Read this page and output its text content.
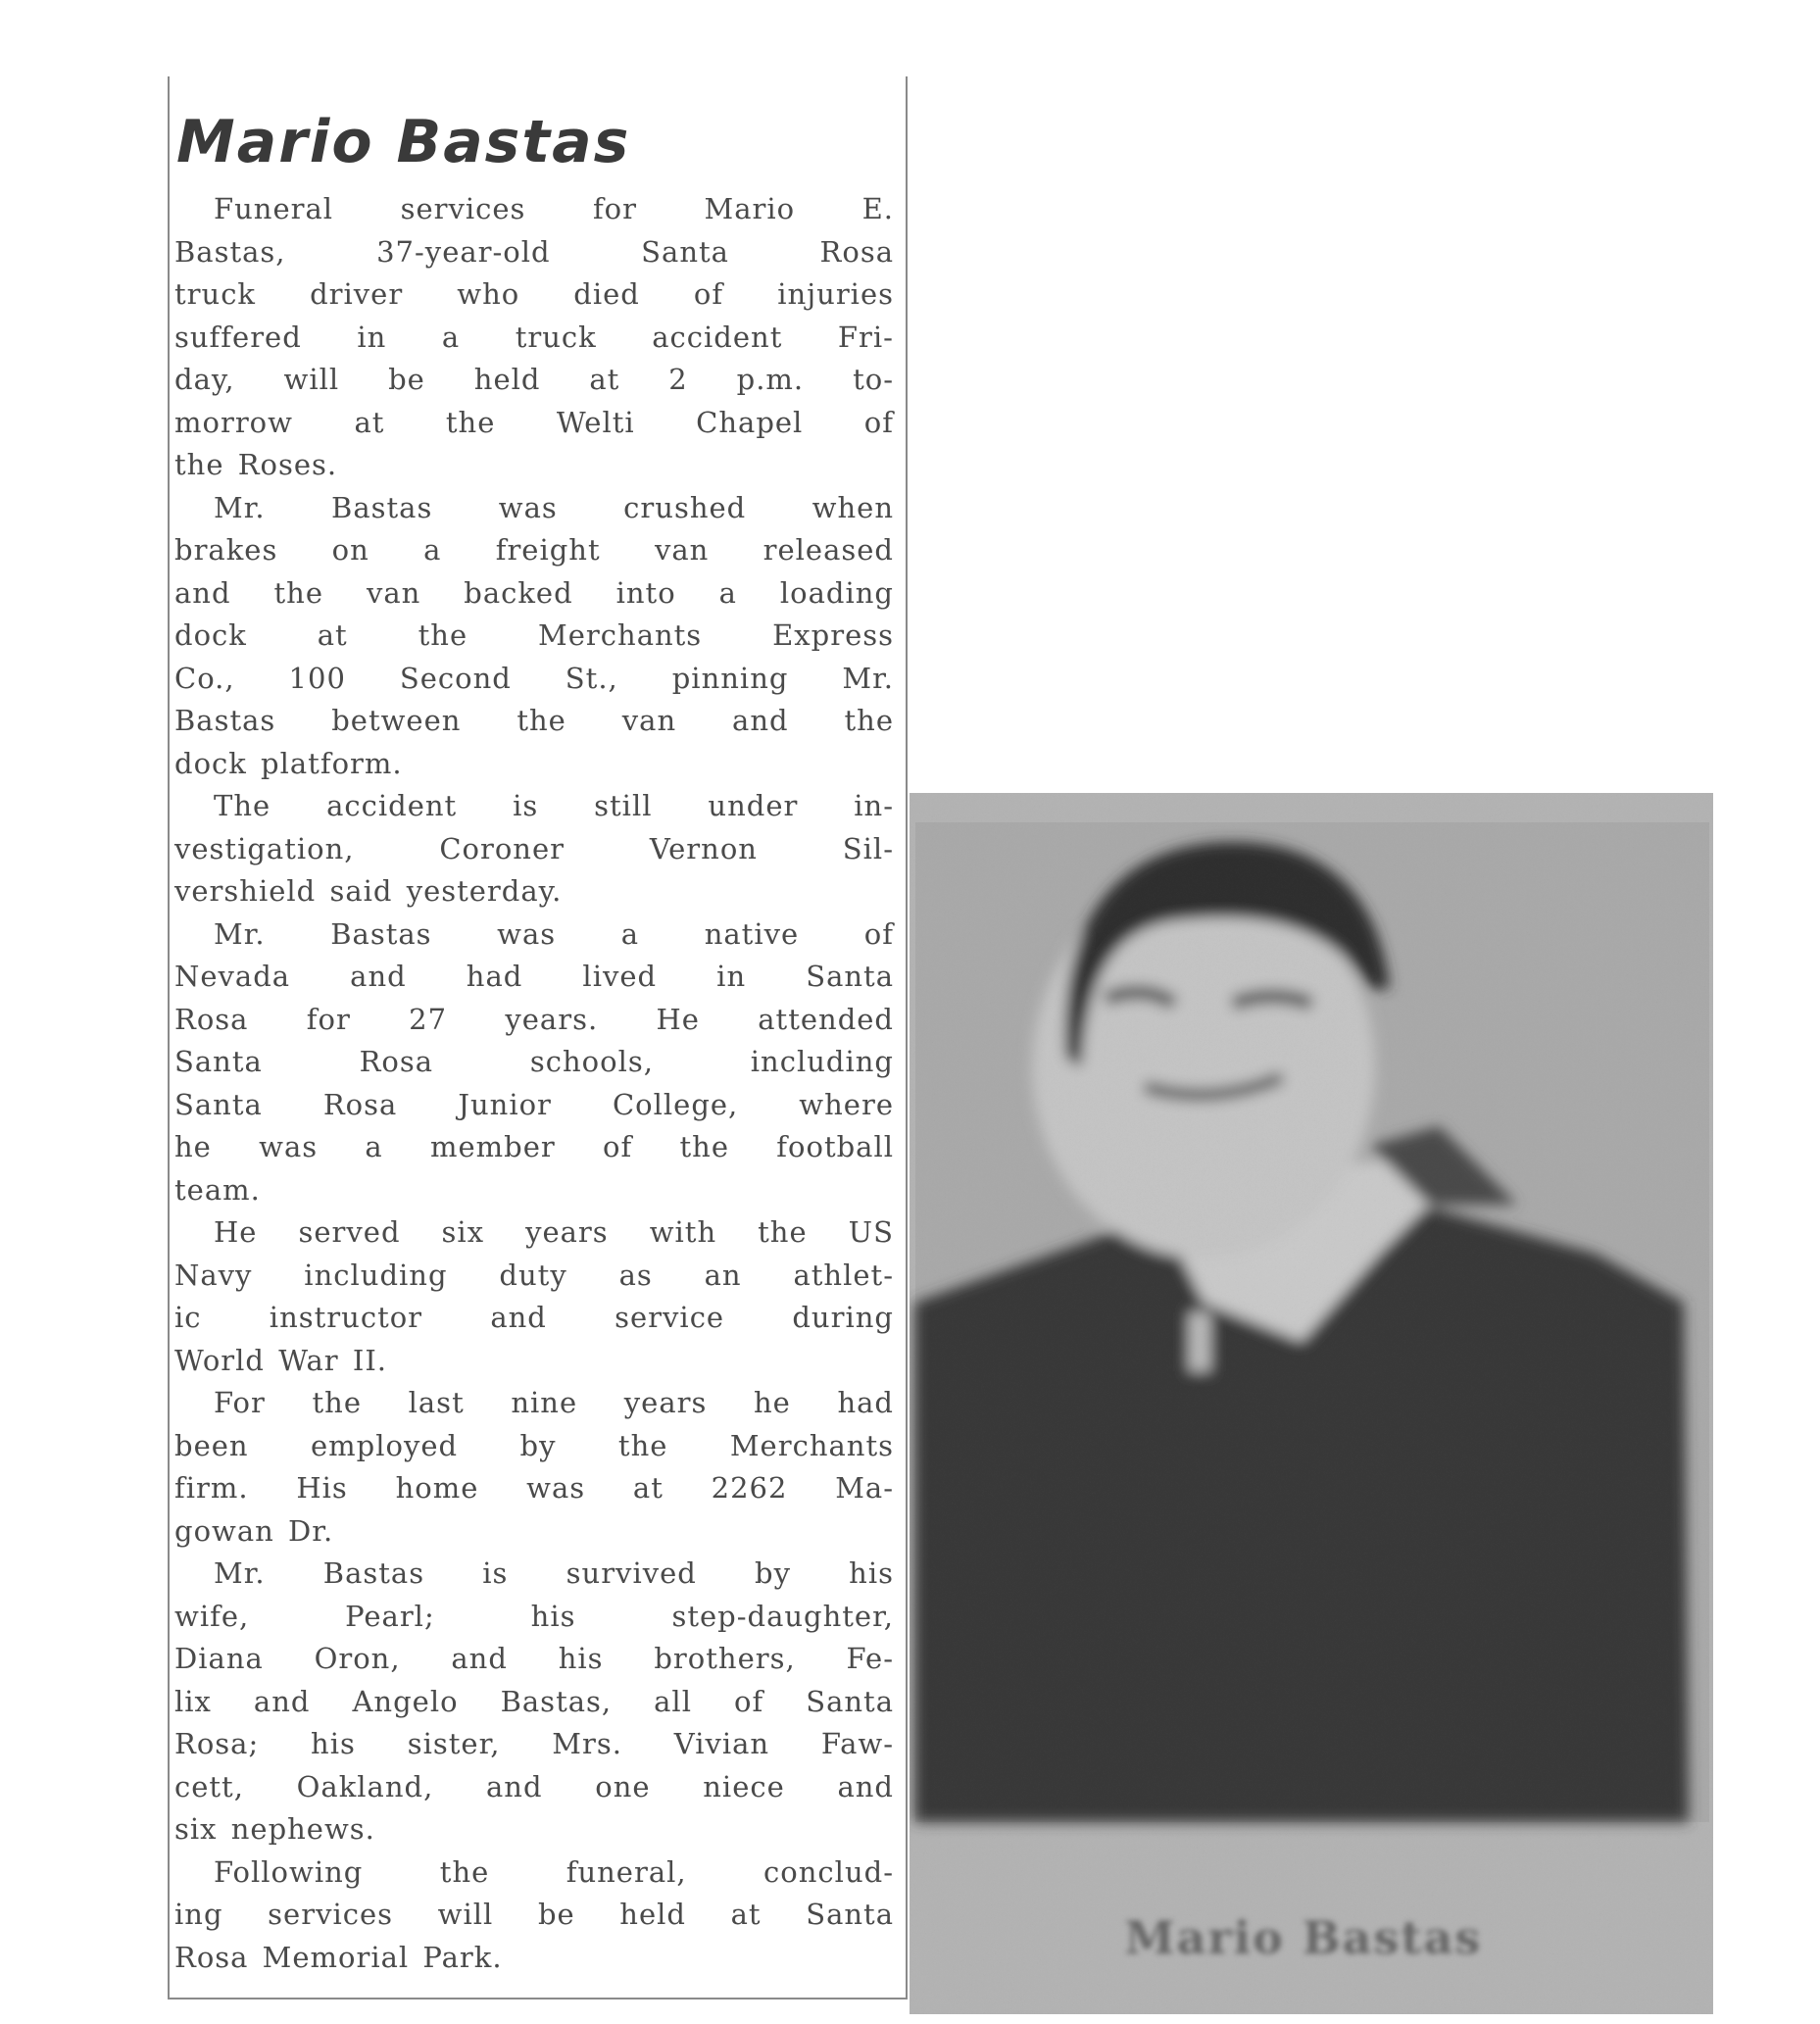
Mario Bastas
Funeral services for Mario E.
Bastas, 37-year-old Santa Rosa
truck driver who died of injuries
suffered in a truck accident Fri-
day, will be held at 2 p.m. to-
morrow at the Welti Chapel of
the Roses.
Mr. Bastas was crushed when
brakes on a freight van released
and the van backed into a loading
dock at the Merchants Express
Co., 100 Second St., pinning Mr.
Bastas between the van and the
dock platform.
The accident is still under in-
vestigation, Coroner Vernon Sil-
vershield said yesterday.
Mr. Bastas was a native of
Nevada and had lived in Santa
Rosa for 27 years. He attended
Santa Rosa schools, including
Santa Rosa Junior College, where
he was a member of the football
team.
He served six years with the US
Navy including duty as an athlet-
ic instructor and service during
World War II.
For the last nine years he had
been employed by the Merchants
firm. His home was at 2262 Ma-
gowan Dr.
Mr. Bastas is survived by his
wife, Pearl; his step-daughter,
Diana Oron, and his brothers, Fe-
lix and Angelo Bastas, all of Santa
Rosa; his sister, Mrs. Vivian Faw-
cett, Oakland, and one niece and
six nephews.
Following the funeral, conclud-
ing services will be held at Santa
Rosa Memorial Park.	Mario Bastas
